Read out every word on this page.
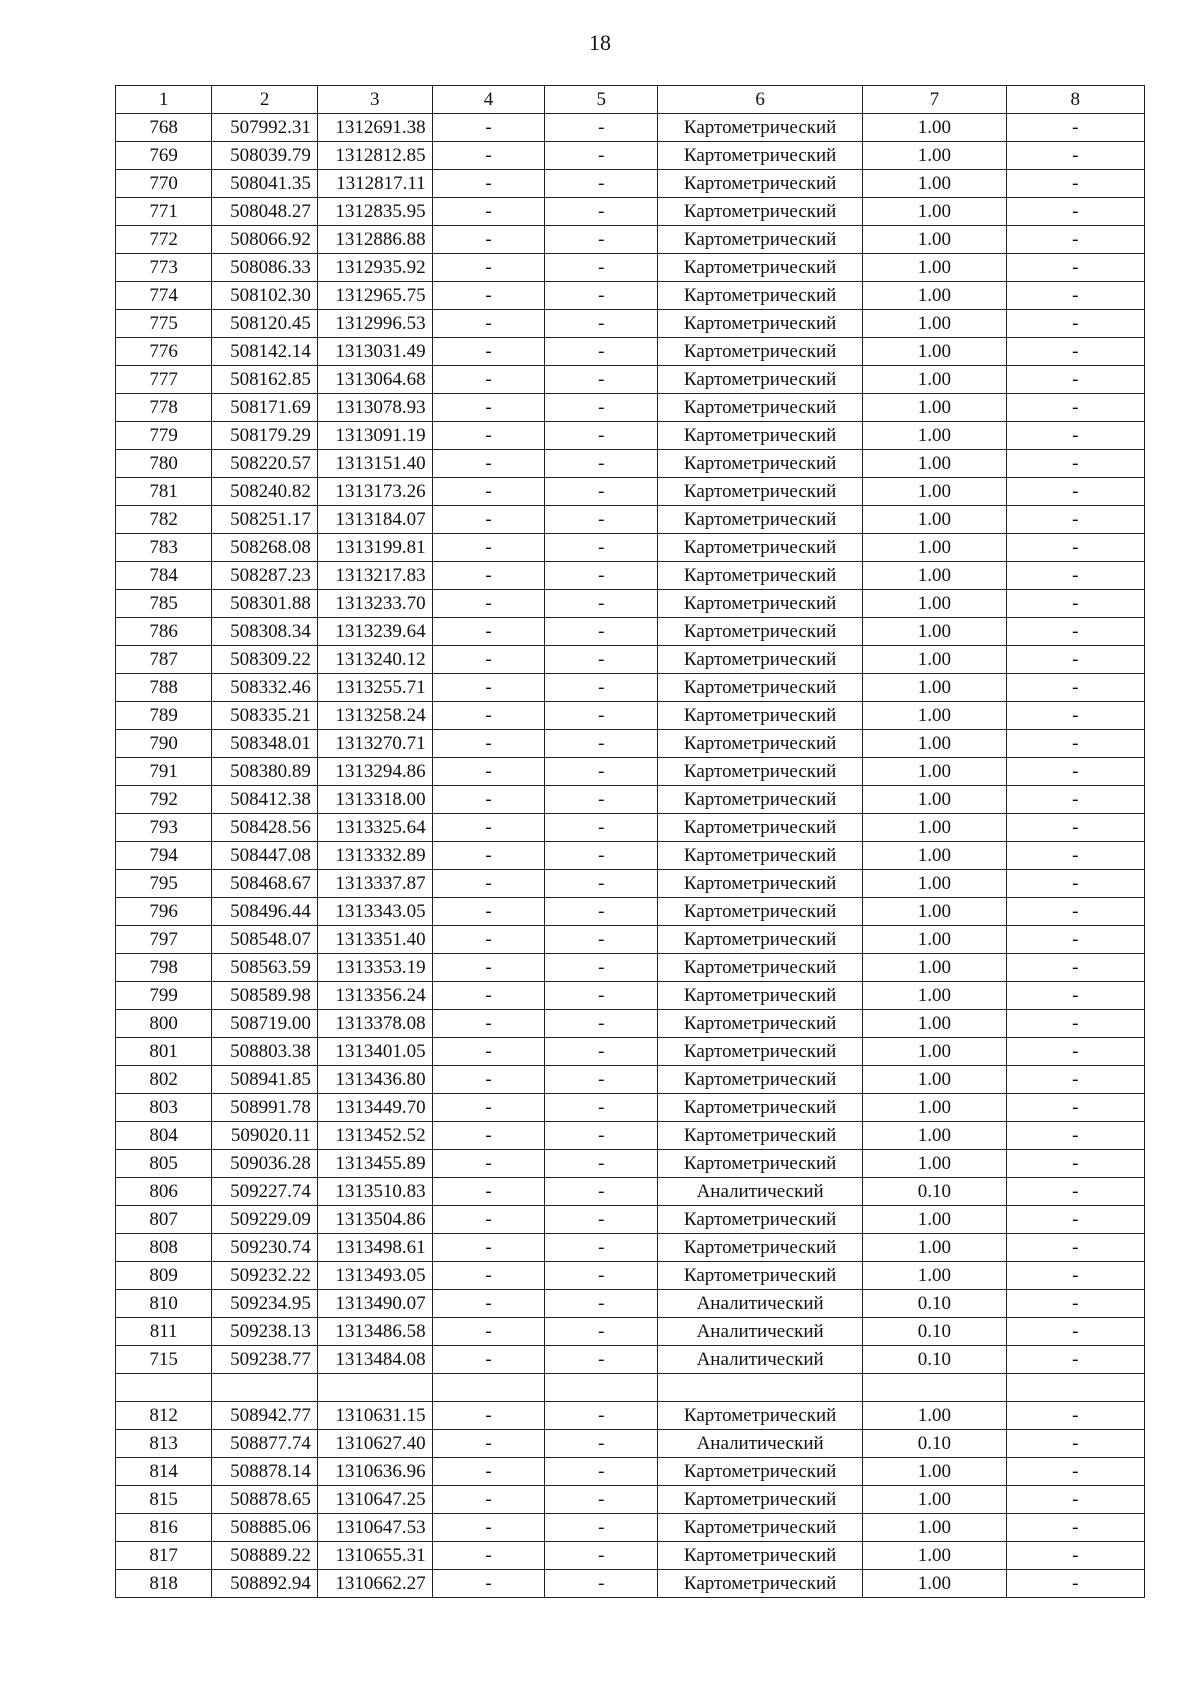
18
1	2	3	4	5	6	7	8
768	507992.31	1312691.38	-	-	Картометрический	1.00	-
769	508039.79	1312812.85	-	-	Картометрический	1.00	-
770	508041.35	1312817.11	-	-	Картометрический	1.00	-
771	508048.27	1312835.95	-	-	Картометрический	1.00	-
772	508066.92	1312886.88	-	-	Картометрический	1.00	-
773	508086.33	1312935.92	-	-	Картометрический	1.00	-
774	508102.30	1312965.75	-	-	Картометрический	1.00	-
775	508120.45	1312996.53	-	-	Картометрический	1.00	-
776	508142.14	1313031.49	-	-	Картометрический	1.00	-
777	508162.85	1313064.68	-	-	Картометрический	1.00	-
778	508171.69	1313078.93	-	-	Картометрический	1.00	-
779	508179.29	1313091.19	-	-	Картометрический	1.00	-
780	508220.57	1313151.40	-	-	Картометрический	1.00	-
781	508240.82	1313173.26	-	-	Картометрический	1.00	-
782	508251.17	1313184.07	-	-	Картометрический	1.00	-
783	508268.08	1313199.81	-	-	Картометрический	1.00	-
784	508287.23	1313217.83	-	-	Картометрический	1.00	-
785	508301.88	1313233.70	-	-	Картометрический	1.00	-
786	508308.34	1313239.64	-	-	Картометрический	1.00	-
787	508309.22	1313240.12	-	-	Картометрический	1.00	-
788	508332.46	1313255.71	-	-	Картометрический	1.00	-
789	508335.21	1313258.24	-	-	Картометрический	1.00	-
790	508348.01	1313270.71	-	-	Картометрический	1.00	-
791	508380.89	1313294.86	-	-	Картометрический	1.00	-
792	508412.38	1313318.00	-	-	Картометрический	1.00	-
793	508428.56	1313325.64	-	-	Картометрический	1.00	-
794	508447.08	1313332.89	-	-	Картометрический	1.00	-
795	508468.67	1313337.87	-	-	Картометрический	1.00	-
796	508496.44	1313343.05	-	-	Картометрический	1.00	-
797	508548.07	1313351.40	-	-	Картометрический	1.00	-
798	508563.59	1313353.19	-	-	Картометрический	1.00	-
799	508589.98	1313356.24	-	-	Картометрический	1.00	-
800	508719.00	1313378.08	-	-	Картометрический	1.00	-
801	508803.38	1313401.05	-	-	Картометрический	1.00	-
802	508941.85	1313436.80	-	-	Картометрический	1.00	-
803	508991.78	1313449.70	-	-	Картометрический	1.00	-
804	509020.11	1313452.52	-	-	Картометрический	1.00	-
805	509036.28	1313455.89	-	-	Картометрический	1.00	-
806	509227.74	1313510.83	-	-	Аналитический	0.10	-
807	509229.09	1313504.86	-	-	Картометрический	1.00	-
808	509230.74	1313498.61	-	-	Картометрический	1.00	-
809	509232.22	1313493.05	-	-	Картометрический	1.00	-
810	509234.95	1313490.07	-	-	Аналитический	0.10	-
811	509238.13	1313486.58	-	-	Аналитический	0.10	-
715	509238.77	1313484.08	-	-	Аналитический	0.10	-

812	508942.77	1310631.15	-	-	Картометрический	1.00	-
813	508877.74	1310627.40	-	-	Аналитический	0.10	-
814	508878.14	1310636.96	-	-	Картометрический	1.00	-
815	508878.65	1310647.25	-	-	Картометрический	1.00	-
816	508885.06	1310647.53	-	-	Картометрический	1.00	-
817	508889.22	1310655.31	-	-	Картометрический	1.00	-
818	508892.94	1310662.27	-	-	Картометрический	1.00	-
